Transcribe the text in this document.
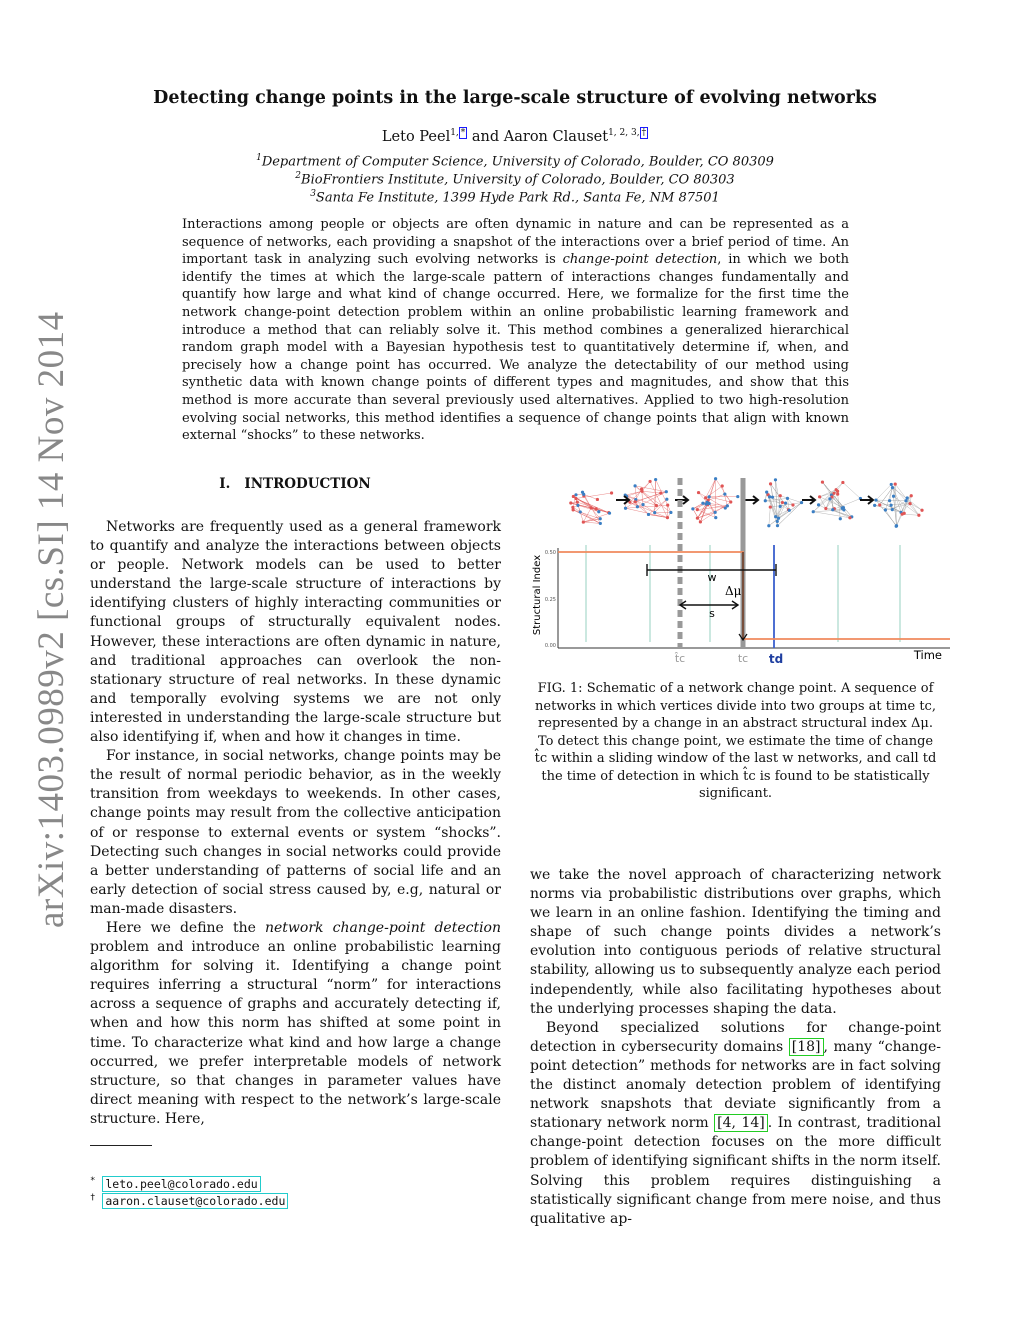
arXiv:1403.0989v2 [cs.SI] 14 Nov 2014
Detecting change points in the large-scale structure of evolving networks
Leto Peel$^{1, *}$ and Aaron Clauset$^{1, 2, 3, \dagger}$
$^1$Department of Computer Science, University of Colorado, Boulder, CO 80309
$^2$BioFrontiers Institute, University of Colorado, Boulder, CO 80303
$^3$Santa Fe Institute, 1399 Hyde Park Rd., Santa Fe, NM 87501
Interactions among people or objects are often dynamic in nature and can be represented as a sequence of networks, each providing a snapshot of the interactions over a brief period of time. An important task in analyzing such evolving networks is change-point detection, in which we both identify the times at which the large-scale pattern of interactions changes fundamentally and quantify how large and what kind of change occurred. Here, we formalize for the first time the network change-point detection problem within an online probabilistic learning framework and introduce a method that can reliably solve it. This method combines a generalized hierarchical random graph model with a Bayesian hypothesis test to quantitatively determine if, when, and precisely how a change point has occurred. We analyze the detectability of our method using synthetic data with known change points of different types and magnitudes, and show that this method is more accurate than several previously used alternatives. Applied to two high-resolution evolving social networks, this method identifies a sequence of change points that align with known external “shocks” to these networks.
I. INTRODUCTION

Networks are frequently used as a general framework to quantify and analyze the interactions between objects or people. Network models can be used to better understand the large-scale structure of interactions by identifying clusters of highly interacting communities or functional groups of structurally equivalent nodes. However, these interactions are often dynamic in nature, and traditional approaches can overlook the non-stationary structure of real networks. In these dynamic and temporally evolving systems we are not only interested in understanding the large-scale structure but also identifying if, when and how it changes in time.

For instance, in social networks, change points may be the result of normal periodic behavior, as in the weekly transition from weekdays to weekends. In other cases, change points may result from the collective anticipation of or response to external events or system “shocks”. Detecting such changes in social networks could provide a better understanding of patterns of social life and an early detection of social stress caused by, e.g, natural or man-made disasters.

Here we define the network change-point detection problem and introduce an online probabilistic learning algorithm for solving it. Identifying a change point requires inferring a structural “norm” for interactions across a sequence of graphs and accurately detecting if, when and how this norm has shifted at some point in time. To characterize what kind and how large a change occurred, we prefer interpretable models of network structure, so that changes in parameter values have direct meaning with respect to the network’s large-scale structure. Here,

* leto.peel@colorado.edu
† aaron.clauset@colorado.edu
Structural Index
0.50
0.25
0.00
w
Δμ
s
t̂c	tc td	Time
FIG. 1: Schematic of a network change point. A sequence of networks in which vertices divide into two groups at time tc, represented by a change in an abstract structural index Δμ. To detect this change point, we estimate the time of change t̂c within a sliding window of the last w networks, and call td the time of detection in which t̂c is found to be statistically significant.

we take the novel approach of characterizing network norms via probabilistic distributions over graphs, which we learn in an online fashion. Identifying the timing and shape of such change points divides a network’s evolution into contiguous periods of relative structural stability, allowing us to subsequently analyze each period independently, while also facilitating hypotheses about the underlying processes shaping the data.

Beyond specialized solutions for change-point detection in cybersecurity domains [18] , many “change-point detection” methods for networks are in fact solving the distinct anomaly detection problem of identifying network snapshots that deviate significantly from a stationary network norm [4, 14] . In contrast, traditional change-point detection focuses on the more difficult problem of identifying significant shifts in the norm itself. Solving this problem requires distinguishing a statistically significant change from mere noise, and thus qualitative ap-
